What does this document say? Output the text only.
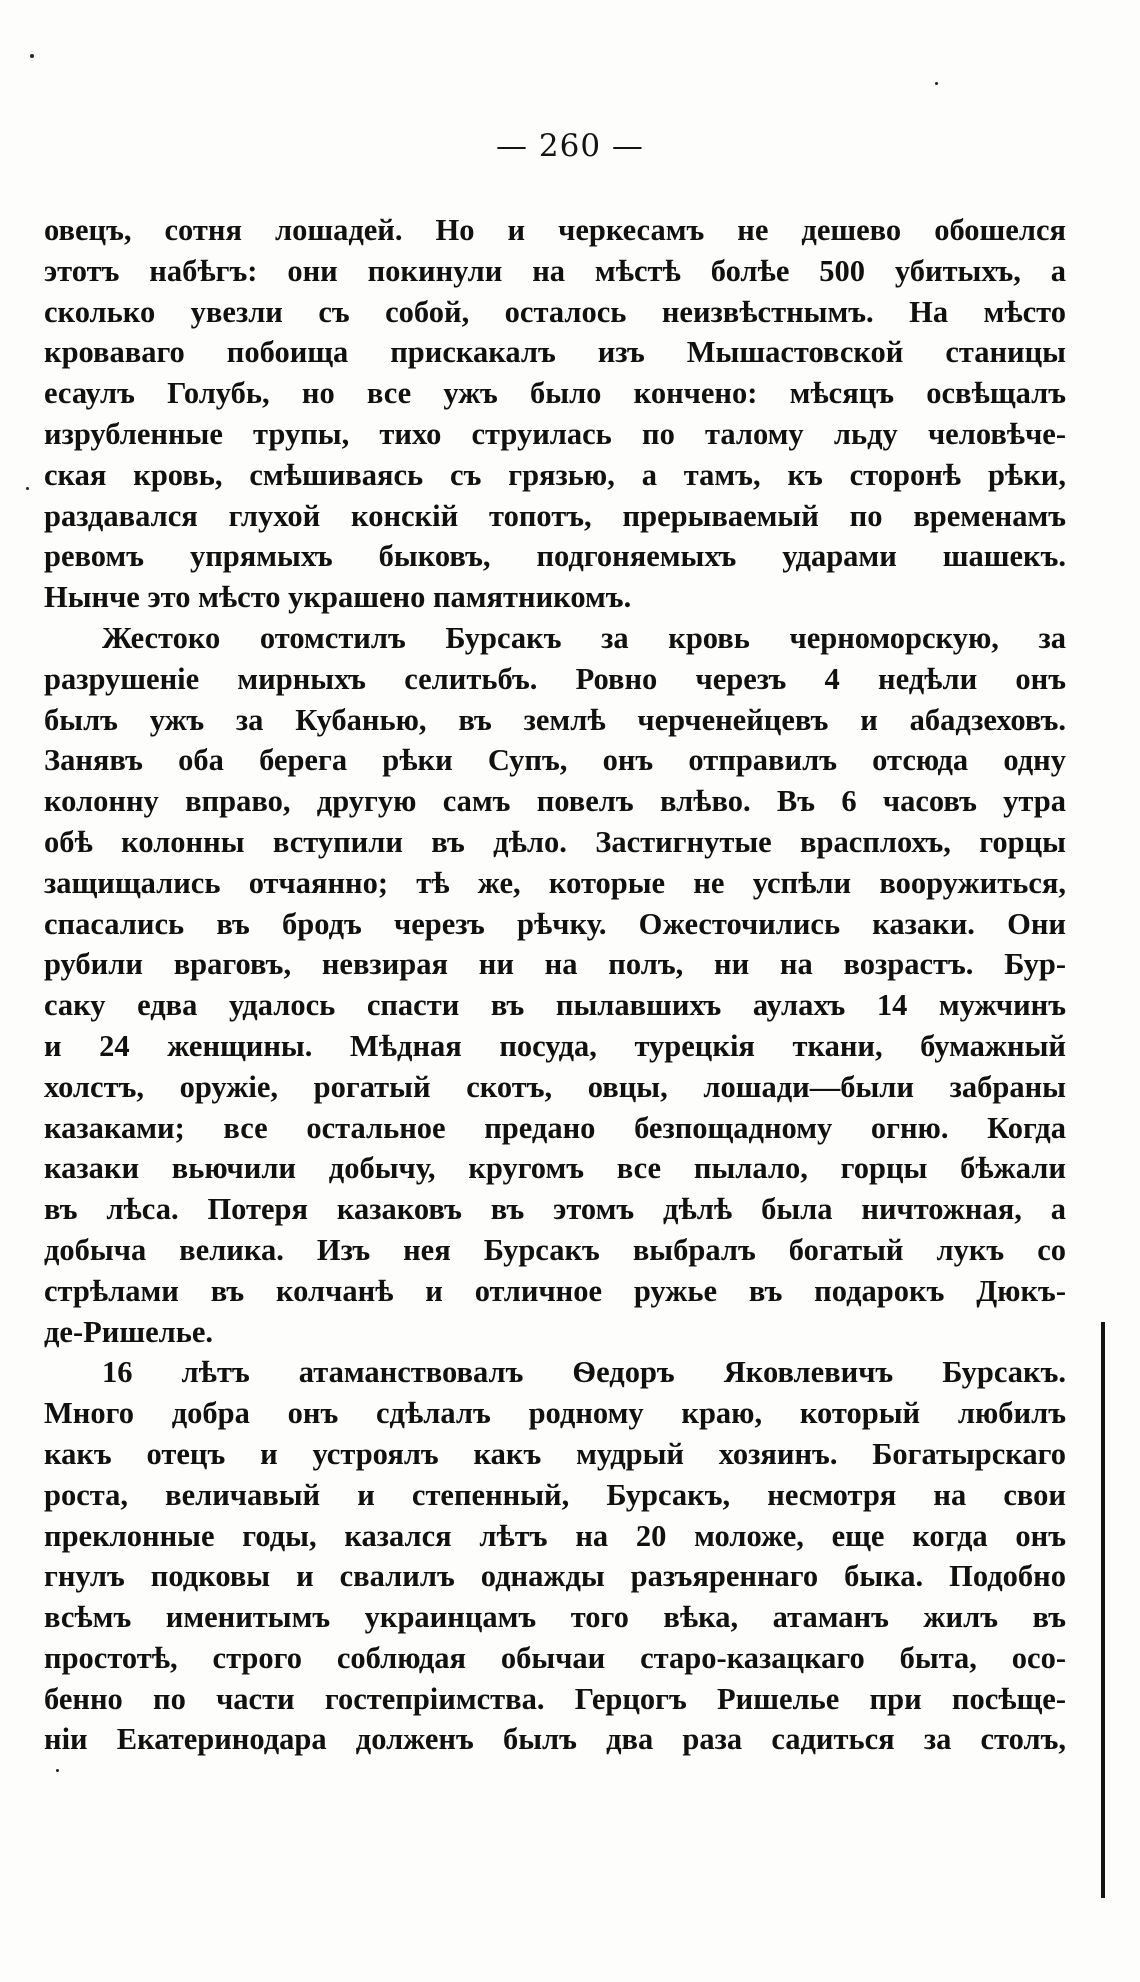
— 260 —
овецъ, сотня лошадей. Но и черкесамъ не дешево обошелся
этотъ набѣгъ: они покинули на мѣстѣ болѣе 500 убитыхъ, а
сколько увезли съ собой, осталось неизвѣстнымъ. На мѣсто
кроваваго побоища прискакалъ изъ Мышастовской станицы
есаулъ Голубь, но все ужъ было кончено: мѣсяцъ освѣщалъ
изрубленные трупы, тихо струилась по талому льду человѣче-
ская кровь, смѣшиваясь съ грязью, а тамъ, къ сторонѣ рѣки,
раздавался глухой конскій топотъ, прерываемый по временамъ
ревомъ упрямыхъ быковъ, подгоняемыхъ ударами шашекъ.
Нынче это мѣсто украшено памятникомъ.
Жестоко отомстилъ Бурсакъ за кровь черноморскую, за
разрушеніе мирныхъ селитьбъ. Ровно черезъ 4 недѣли онъ
былъ ужъ за Кубанью, въ землѣ черченейцевъ и абадзеховъ.
Занявъ оба берега рѣки Супъ, онъ отправилъ отсюда одну
колонну вправо, другую самъ повелъ влѣво. Въ 6 часовъ утра
обѣ колонны вступили въ дѣло. Застигнутые врасплохъ, горцы
защищались отчаянно; тѣ же, которые не успѣли вооружиться,
спасались въ бродъ черезъ рѣчку. Ожесточились казаки. Они
рубили враговъ, невзирая ни на полъ, ни на возрастъ. Бур-
саку едва удалось спасти въ пылавшихъ аулахъ 14 мужчинъ
и 24 женщины. Мѣдная посуда, турецкія ткани, бумажный
холстъ, оружіе, рогатый скотъ, овцы, лошади—были забраны
казаками; все остальное предано безпощадному огню. Когда
казаки вьючили добычу, кругомъ все пылало, горцы бѣжали
въ лѣса. Потеря казаковъ въ этомъ дѣлѣ была ничтожная, а
добыча велика. Изъ нея Бурсакъ выбралъ богатый лукъ со
стрѣлами въ колчанѣ и отличное ружье въ подарокъ Дюкъ-
де-Ришелье.
16 лѣтъ атаманствовалъ Ѳедоръ Яковлевичъ Бурсакъ.
Много добра онъ сдѣлалъ родному краю, который любилъ
какъ отецъ и устроялъ какъ мудрый хозяинъ. Богатырскаго
роста, величавый и степенный, Бурсакъ, несмотря на свои
преклонные годы, казался лѣтъ на 20 моложе, еще когда онъ
гнулъ подковы и свалилъ однажды разъяреннаго быка. Подобно
всѣмъ именитымъ украинцамъ того вѣка, атаманъ жилъ въ
простотѣ, строго соблюдая обычаи старо-казацкаго быта, осо-
бенно по части гостепріимства. Герцогъ Ришелье при посѣще-
ніи Екатеринодара долженъ былъ два раза садиться за столъ,
